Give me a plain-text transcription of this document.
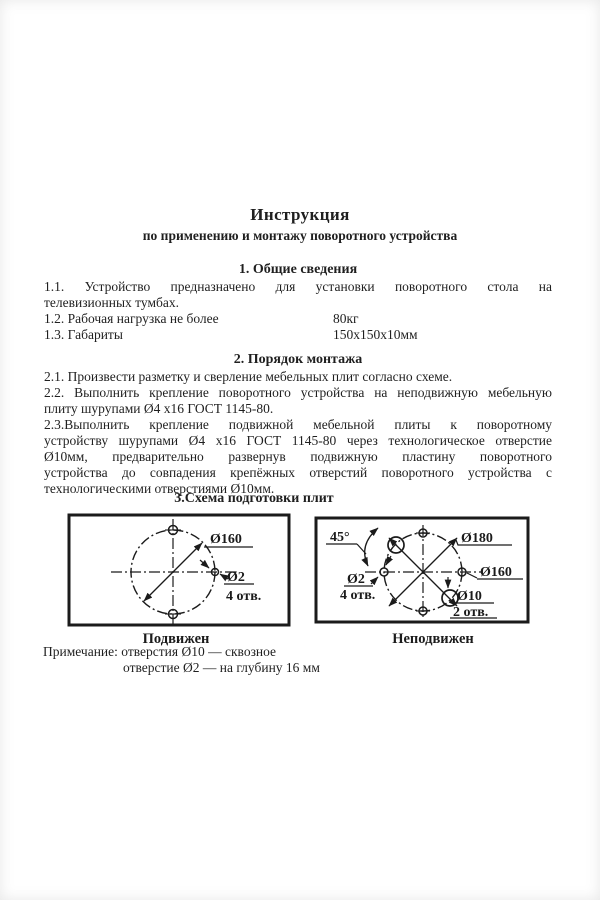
Инструкция
по применению и монтажу поворотного устройства
1. Общие сведения
1.1. Устройство предназначено для установки поворотного стола на
телевизионных тумбах.
1.2. Рабочая нагрузка не более	80кг
1.3. Габариты	150х150х10мм
2. Порядок монтажа
2.1. Произвести разметку и сверление мебельных плит согласно схеме.
2.2. Выполнить крепление поворотного устройства на неподвижную мебельную
плиту шурупами Ø4 х16 ГОСТ 1145-80.
2.3.Выполнить крепление подвижной мебельной плиты к поворотному
устройству шурупами Ø4 х16 ГОСТ 1145-80 через технологическое отверстие
Ø10мм, предварительно развернув подвижную пластину поворотного
устройства до совпадения крепёжных отверстий поворотного устройства с
технологическими отверстиями Ø10мм.
3.Схема подготовки плит
Ø160
Ø2
4 отв.
Подвижен
45°	Ø180
Ø160
Ø10
2 отв.
Ø2
4 отв.
Неподвижен
Примечание: отверстия Ø10 — сквозное
отверстие Ø2 — на глубину 16 мм
